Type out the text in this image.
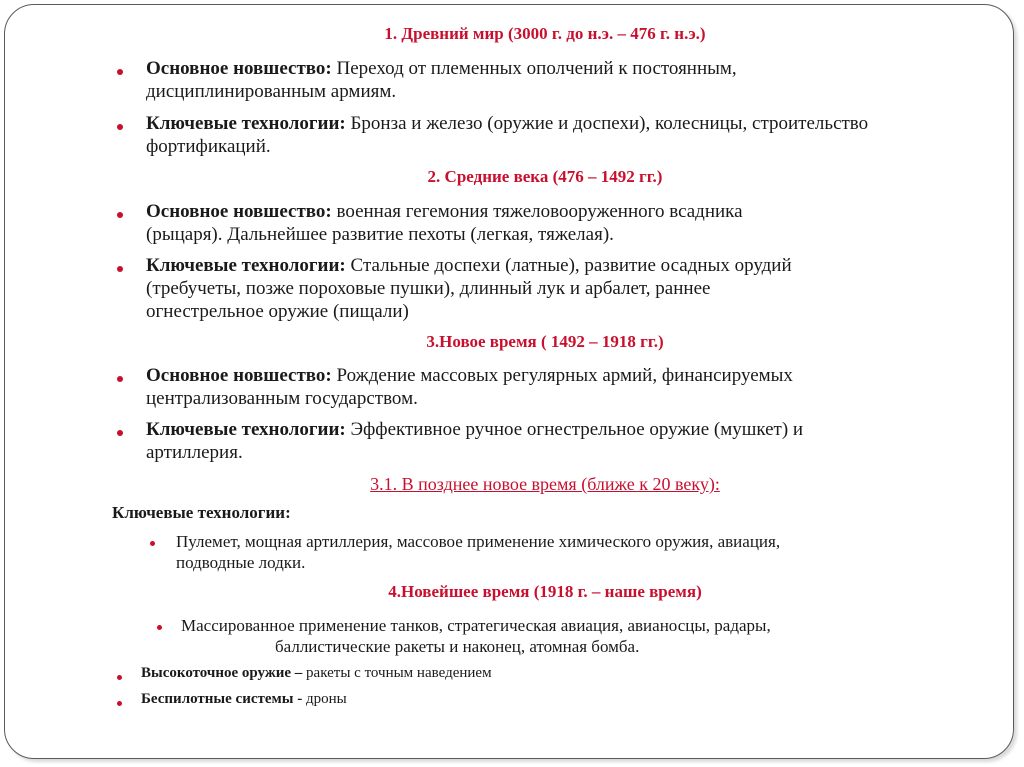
1. Древний мир (3000 г. до н.э. – 476 г. н.э.)
Основное новшество: Переход от племенных ополчений к постоянным,
дисциплинированным армиям.
Ключевые технологии: Бронза и железо (оружие и доспехи), колесницы, строительство
фортификаций.
2. Средние века (476 – 1492 гг.)
Основное новшество: военная гегемония тяжеловооруженного всадника
(рыцаря). Дальнейшее развитие пехоты (легкая, тяжелая).
Ключевые технологии: Стальные доспехи (латные), развитие осадных орудий
(требучеты, позже пороховые пушки), длинный лук и арбалет, раннее
огнестрельное оружие (пищали)
3.Новое время ( 1492 – 1918 гг.)
Основное новшество: Рождение массовых регулярных армий, финансируемых
централизованным государством.
Ключевые технологии: Эффективное ручное огнестрельное оружие (мушкет) и
артиллерия.
3.1. В позднее новое время (ближе к 20 веку):
Ключевые технологии:
Пулемет, мощная артиллерия, массовое применение химического оружия, авиация,
подводные лодки.
4.Новейшее время (1918 г. – наше время)
Массированное применение танков, стратегическая авиация, авианосцы, радары,
баллистические ракеты и наконец, атомная бомба.
Высокоточное оружие – ракеты с точным наведением
Беспилотные системы - дроны
